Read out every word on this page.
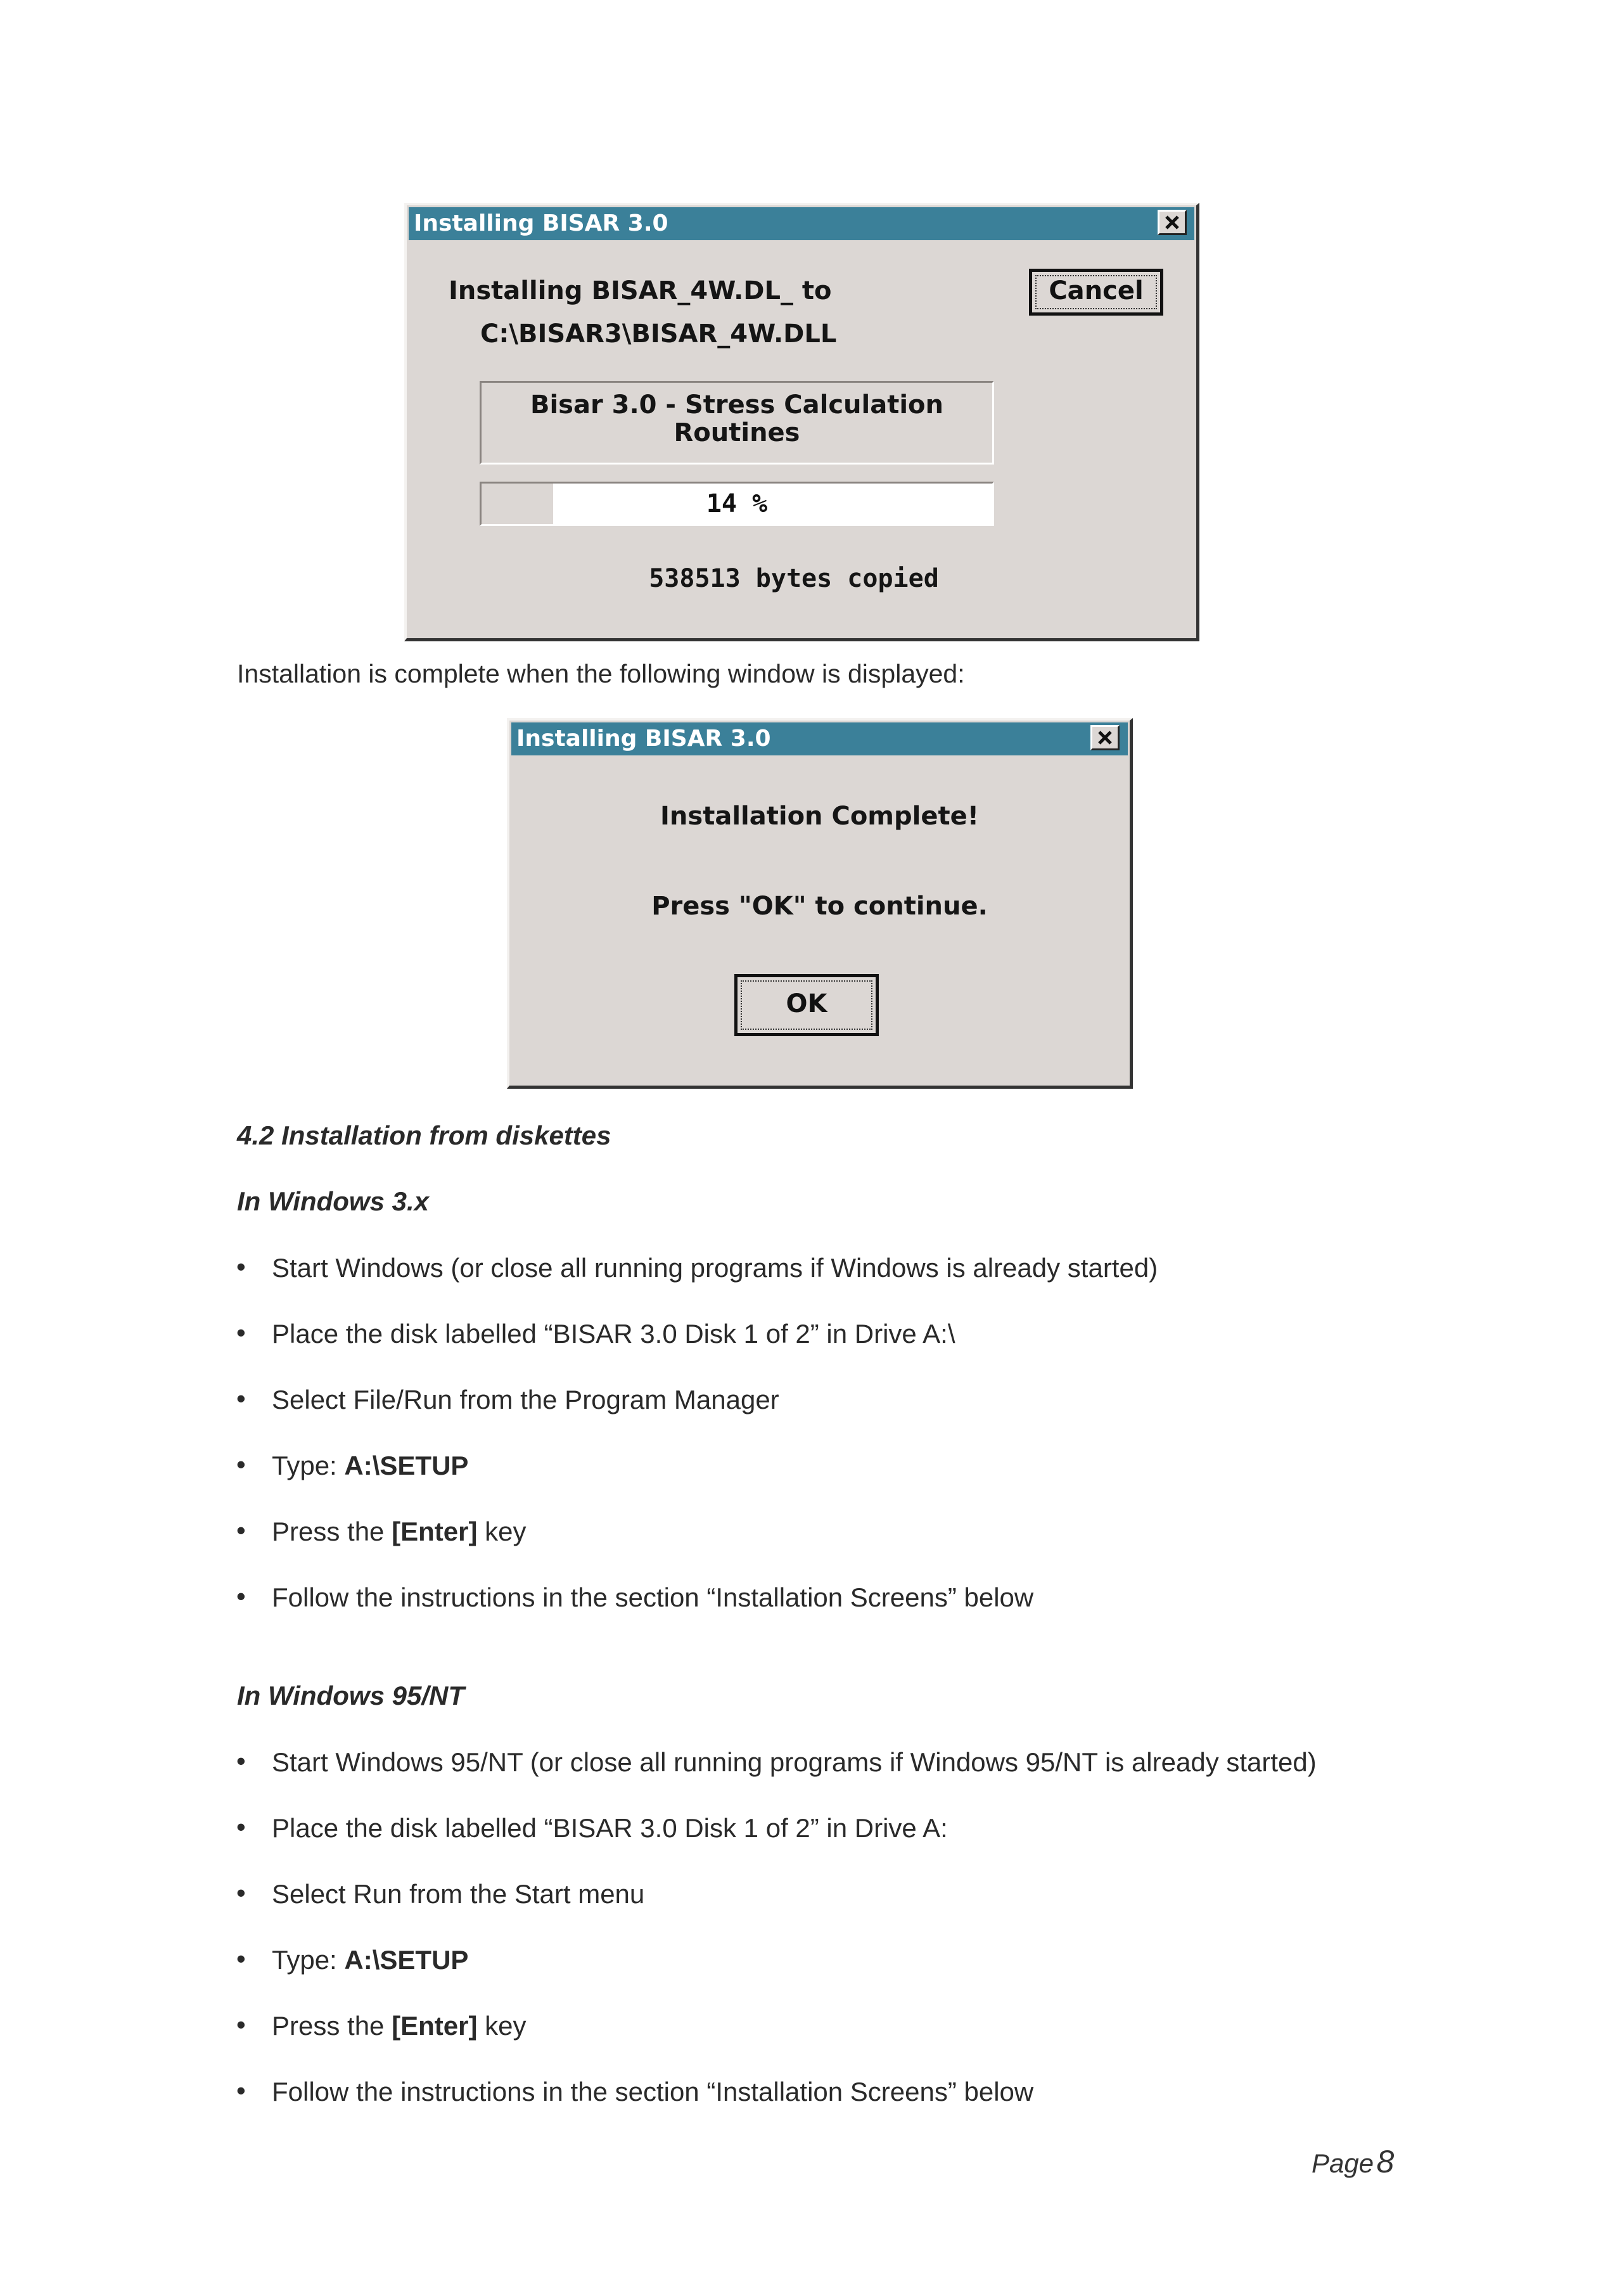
Installing BISAR 3.0
Installing BISAR_4W.DL_ to
C:\BISAR3\BISAR_4W.DLL
Cancel
Bisar 3.0 - Stress Calculation
Routines
14 %
538513 bytes copied
Installation is complete when the following window is displayed:
Installing BISAR 3.0
Installation Complete!
Press "OK" to continue.
OK
4.2 Installation from diskettes
In Windows 3.x
• Start Windows (or close all running programs if Windows is already started)
• Place the disk labelled “BISAR 3.0 Disk 1 of 2” in Drive A:\
• Select File/Run from the Program Manager
• Type: A:\SETUP
• Press the [Enter] key
• Follow the instructions in the section “Installation Screens” below
In Windows 95/NT
• Start Windows 95/NT (or close all running programs if Windows 95/NT is already started)
• Place the disk labelled “BISAR 3.0 Disk 1 of 2” in Drive A:
• Select Run from the Start menu
• Type: A:\SETUP
• Press the [Enter] key
• Follow the instructions in the section “Installation Screens” below
Page 8
